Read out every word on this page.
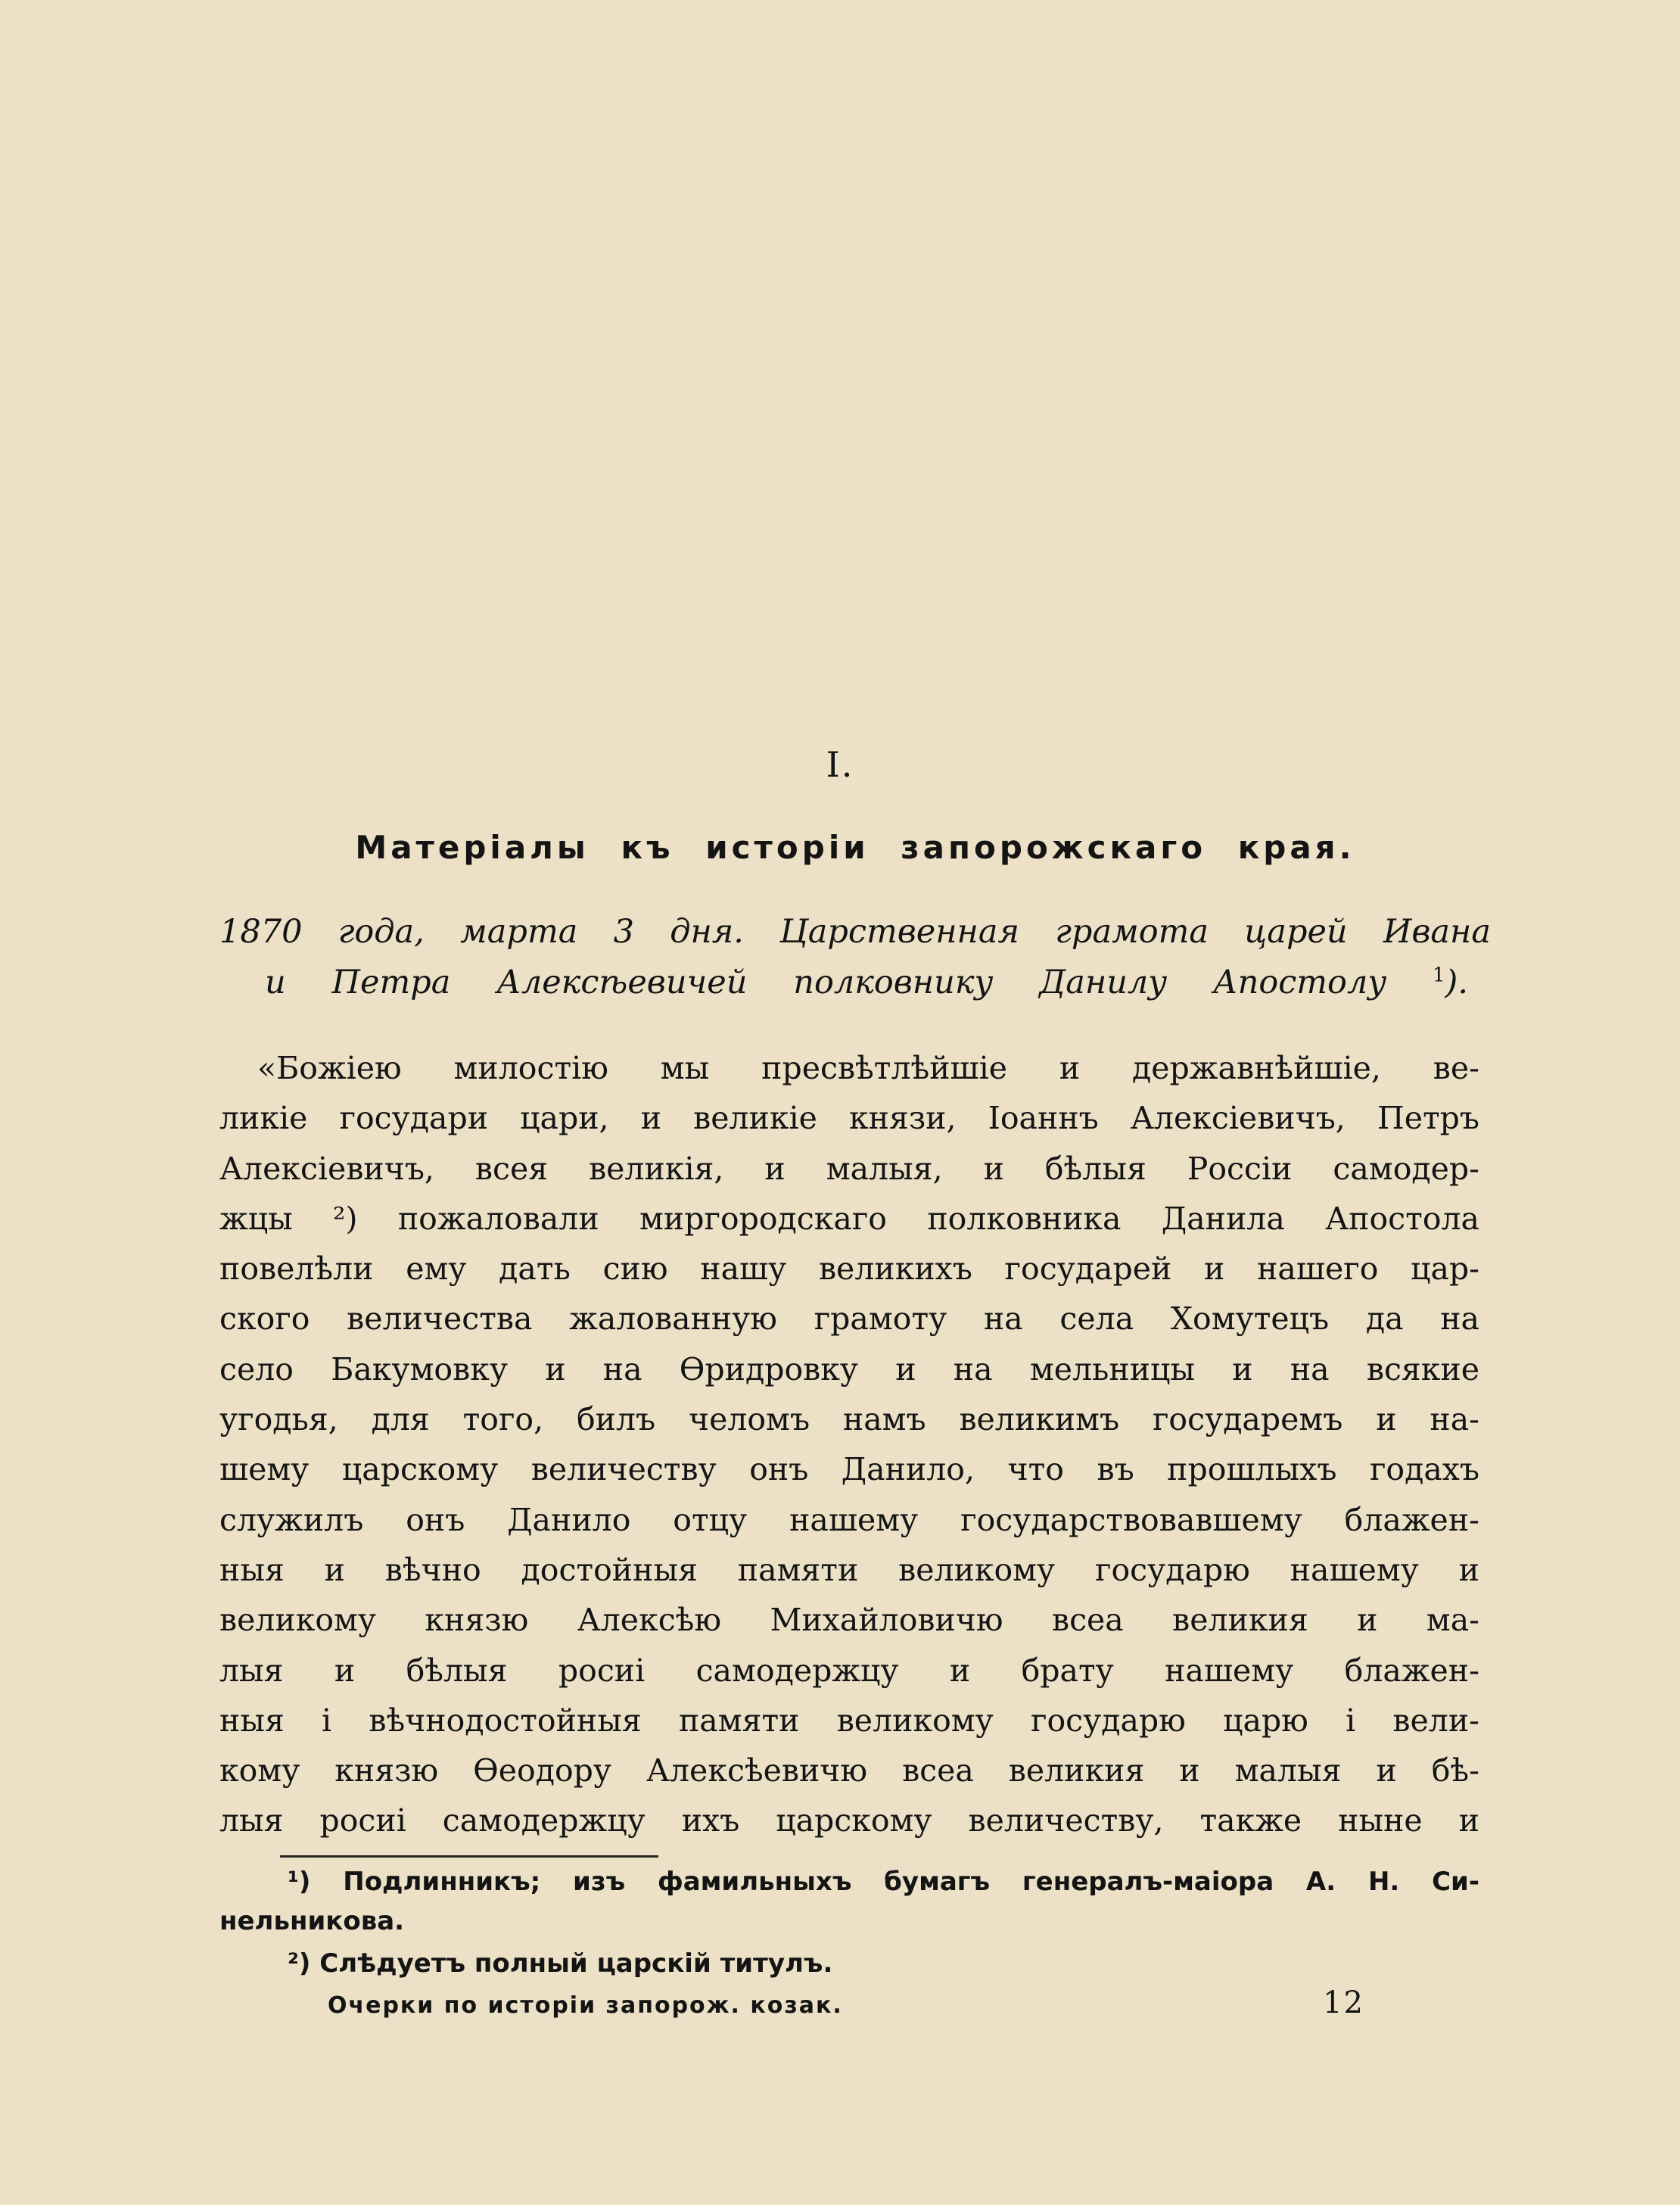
I.
Матеріалы къ исторіи запорожскаго края.
1870 года, марта 3 дня. Царственная грамота царей Ивана
и Петра Алексѣевичей полковнику Данилу Апостолу $^1$).
«Божіею милостію мы пресвѣтлѣйшіе и державнѣйшіе, ве-
ликіе государи цари, и великіе князи, Іоаннъ Алексіевичъ, Петръ
Алексіевичъ, всея великія, и малыя, и бѣлыя Россіи самодер-
жцы ²) пожаловали миргородскаго полковника Данила Апостола
повелѣли ему дать сию нашу великихъ государей и нашего цар-
ского величества жалованную грамоту на села Хомутецъ да на
село Бакумовку и на Ѳридровку и на мельницы и на всякие
угодья, для того, билъ челомъ намъ великимъ государемъ и на-
шему царскому величеству онъ Данило, что въ прошлыхъ годахъ
служилъ онъ Данило отцу нашему государствовавшему блажен-
ныя и вѣчно достойныя памяти великому государю нашему и
великому князю Алексѣю Михайловичю всеа великия и ма-
лыя и бѣлыя росиі самодержцу и брату нашему блажен-
ныя і вѣчнодостойныя памяти великому государю царю і вели-
кому князю Ѳеодору Алексѣевичю всеа великия и малыя и бѣ-
лыя росиі самодержцу ихъ царскому величеству, также ныне и
¹) Подлинникъ; изъ фамильныхъ бумагъ генералъ-маіора А. Н. Си-
нельникова.
²) Слѣдуетъ полный царскій титулъ.
Очерки по исторіи запорож. козак.	12
